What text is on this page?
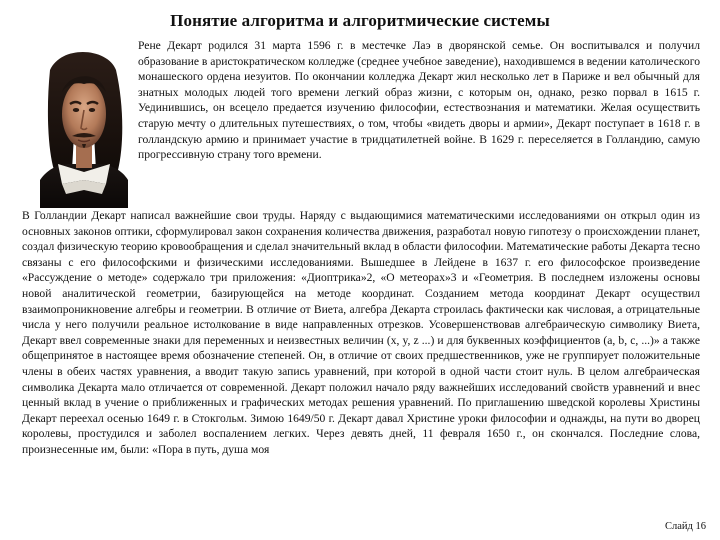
Понятие алгоритма и алгоритмические системы

Рене Декарт родился 31 марта 1596 г. в местечке Лаэ в дворянской семье. Он воспитывался и получил образование в аристократическом колледже (среднее учебное заведение), находившемся в ведении католического монашеского ордена иезуитов. По окончании колледжа Декарт жил несколько лет в Париже и вел обычный для знатных молодых людей того времени легкий образ жизни, с которым он, однако, резко порвал в 1615 г. Уединившись, он всецело предается изучению философии, естествознания и математики. Желая осуществить старую мечту о длительных путешествиях, о том, чтобы «видеть дворы и армии», Декарт поступает в 1618 г. в голландскую армию и принимает участие в тридцатилетней войне. В 1629 г. переселяется в Голландию, самую прогрессивную страну того времени.

В Голландии Декарт написал важнейшие свои труды. Наряду с выдающимися математическими исследованиями он открыл один из основных законов оптики, сформулировал закон сохранения количества движения, разработал новую гипотезу о происхождении планет, создал физическую теорию кровообращения и сделал значительный вклад в области философии. Математические работы Декарта тесно связаны с его философскими и физическими исследованиями. Вышедшее в Лейдене в 1637 г. его философское произведение «Рассуждение о методе» содержало три приложения: «Диоптрика»2, «О метеорах»3 и «Геометрия. В последнем изложены основы новой аналитической геометрии, базирующейся на методе координат. Созданием метода координат Декарт осуществил взаимопроникновение алгебры и геометрии. В отличие от Виета, алгебра Декарта строилась фактически как числовая, а отрицательные числа у него получили реальное истолкование в виде направленных отрезков. Усовершенствовав алгебраическую символику Виета, Декарт ввел современные знаки для переменных и неизвестных величин (x, y, z ...) и для буквенных коэффициентов (a, b, c, ...)» а также общепринятое в настоящее время обозначение степеней. Он, в отличие от своих предшественников, уже не группирует положительные члены в обеих частях уравнения, а вводит такую запись уравнений, при которой в одной части стоит нуль. В целом алгебраическая символика Декарта мало отличается от современной. Декарт положил начало ряду важнейших исследований свойств уравнений и внес ценный вклад в учение о приближенных и графических методах решения уравнений. По приглашению шведской королевы Христины Декарт переехал осенью 1649 г. в Стокгольм. Зимою 1649/50 г. Декарт давал Христине уроки философии и однажды, на пути во дворец королевы, простудился и заболел воспалением легких. Через девять дней, 11 февраля 1650 г., он скончался. Последние слова, произнесенные им, были: «Пора в путь, душа моя

Слайд 16
